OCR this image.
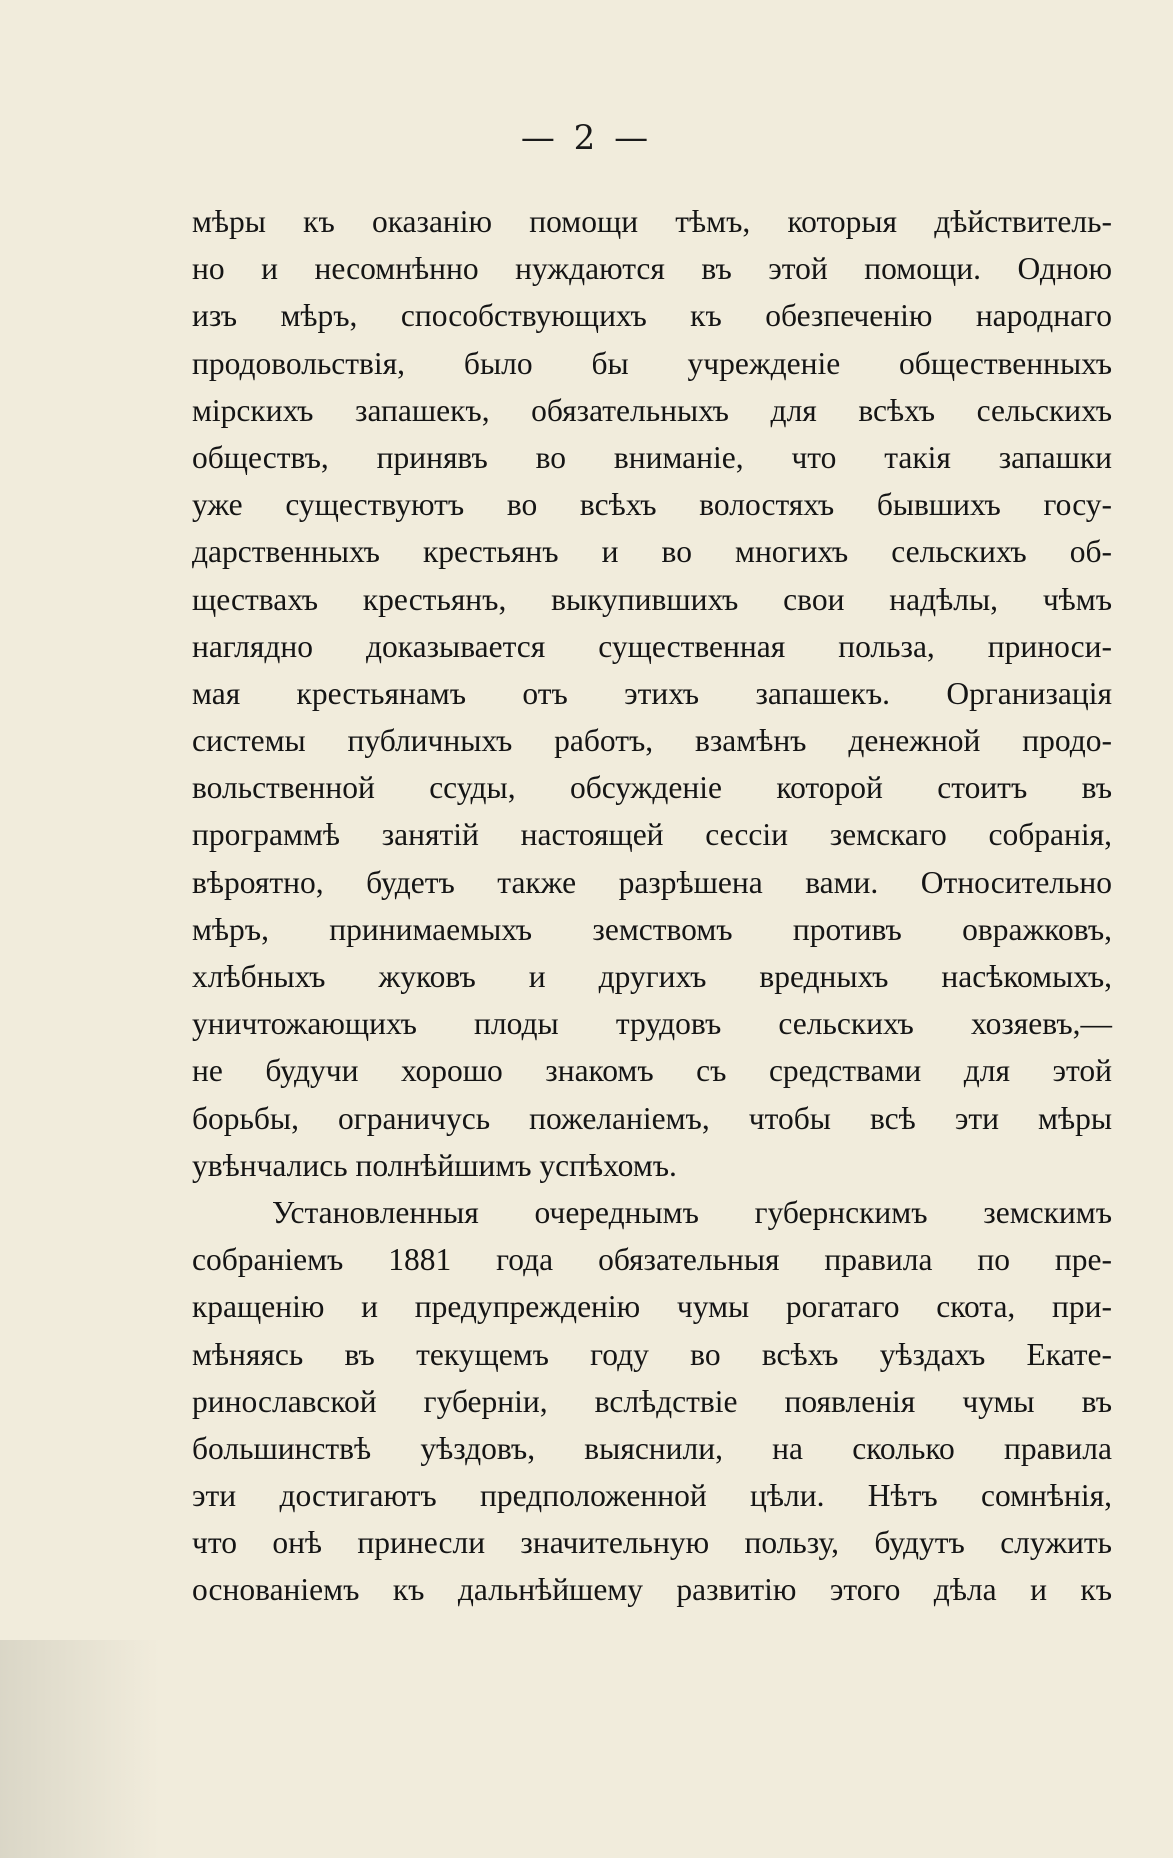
— 2 —
мѣры къ оказанію помощи тѣмъ, которыя дѣйствитель-
но и несомнѣнно нуждаются въ этой помощи. Одною
изъ мѣръ, способствующихъ къ обезпеченію народнаго
продовольствія, было бы учрежденіе общественныхъ
мірскихъ запашекъ, обязательныхъ для всѣхъ сельскихъ
обществъ, принявъ во вниманіе, что такія запашки
уже существуютъ во всѣхъ волостяхъ бывшихъ госу-
дарственныхъ крестьянъ и во многихъ сельскихъ об-
ществахъ крестьянъ, выкупившихъ свои надѣлы, чѣмъ
наглядно доказывается существенная польза, приноси-
мая крестьянамъ отъ этихъ запашекъ. Организація
системы публичныхъ работъ, взамѣнъ денежной продо-
вольственной ссуды, обсужденіе которой стоитъ въ
программѣ занятій настоящей сессіи земскаго собранія,
вѣроятно, будетъ также разрѣшена вами. Относительно
мѣръ, принимаемыхъ земствомъ противъ овражковъ,
хлѣбныхъ жуковъ и другихъ вредныхъ насѣкомыхъ,
уничтожающихъ плоды трудовъ сельскихъ хозяевъ,—
не будучи хорошо знакомъ съ средствами для этой
борьбы, ограничусь пожеланіемъ, чтобы всѣ эти мѣры
увѣнчались полнѣйшимъ успѣхомъ.
Установленныя очереднымъ губернскимъ земскимъ
собраніемъ 1881 года обязательныя правила по пре-
кращенію и предупрежденію чумы рогатаго скота, при-
мѣняясь въ текущемъ году во всѣхъ уѣздахъ Екате-
ринославской губерніи, вслѣдствіе появленія чумы въ
большинствѣ уѣздовъ, выяснили, на сколько правила
эти достигаютъ предположенной цѣли. Нѣтъ сомнѣнія,
что онѣ принесли значительную пользу, будутъ служить
основаніемъ къ дальнѣйшему развитію этого дѣла и къ
